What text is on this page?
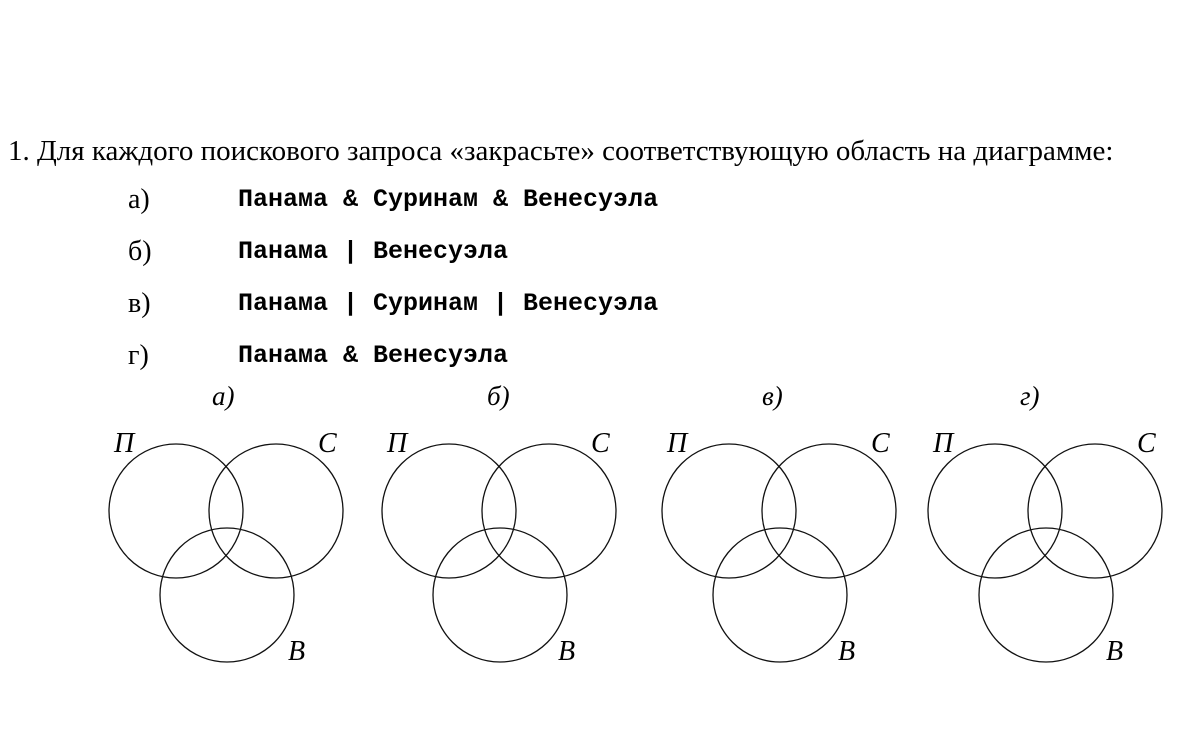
1. Для каждого поискового запроса «закрасьте» соответствующую область на диаграмме:
а)	Панама & Суринам & Венесуэла
б)	Панама | Венесуэла
в)	Панама | Суринам | Венесуэла
г)	Панама & Венесуэла
а)
П	С
В
б)
П	С
В
в)
П	С
В
г)
П	С
В
